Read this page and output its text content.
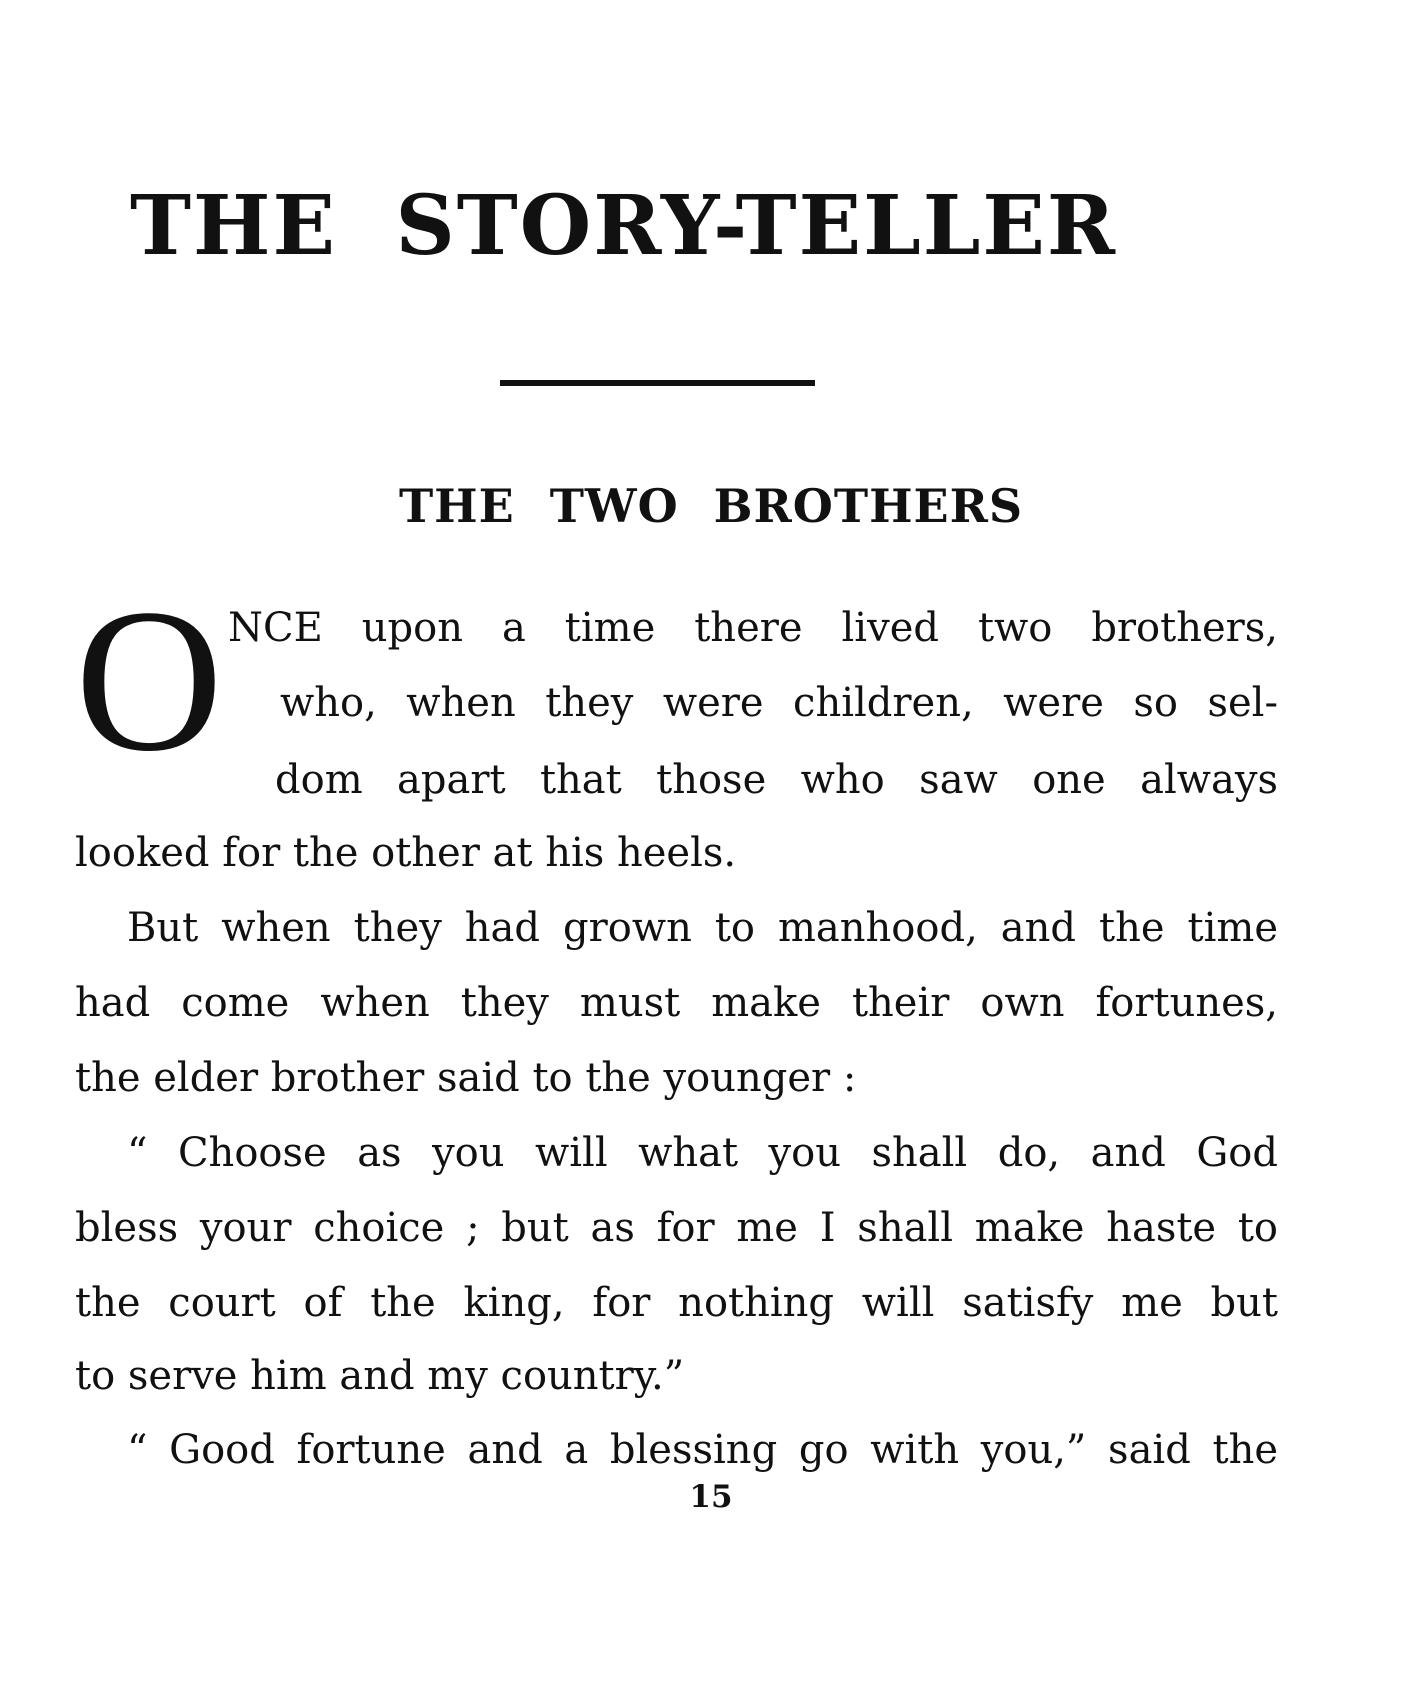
THE STORY-TELLER
THE TWO BROTHERS
O NCE upon a time there lived two brothers,

who, when they were children, were so sel-

dom apart that those who saw one always

looked for the other at his heels.

But when they had grown to manhood, and the time

had come when they must make their own fortunes,

the elder brother said to the younger :

“ Choose as you will what you shall do, and God

bless your choice ; but as for me I shall make haste to

the court of the king, for nothing will satisfy me but

to serve him and my country.”

“ Good fortune and a blessing go with you,” said the

15
